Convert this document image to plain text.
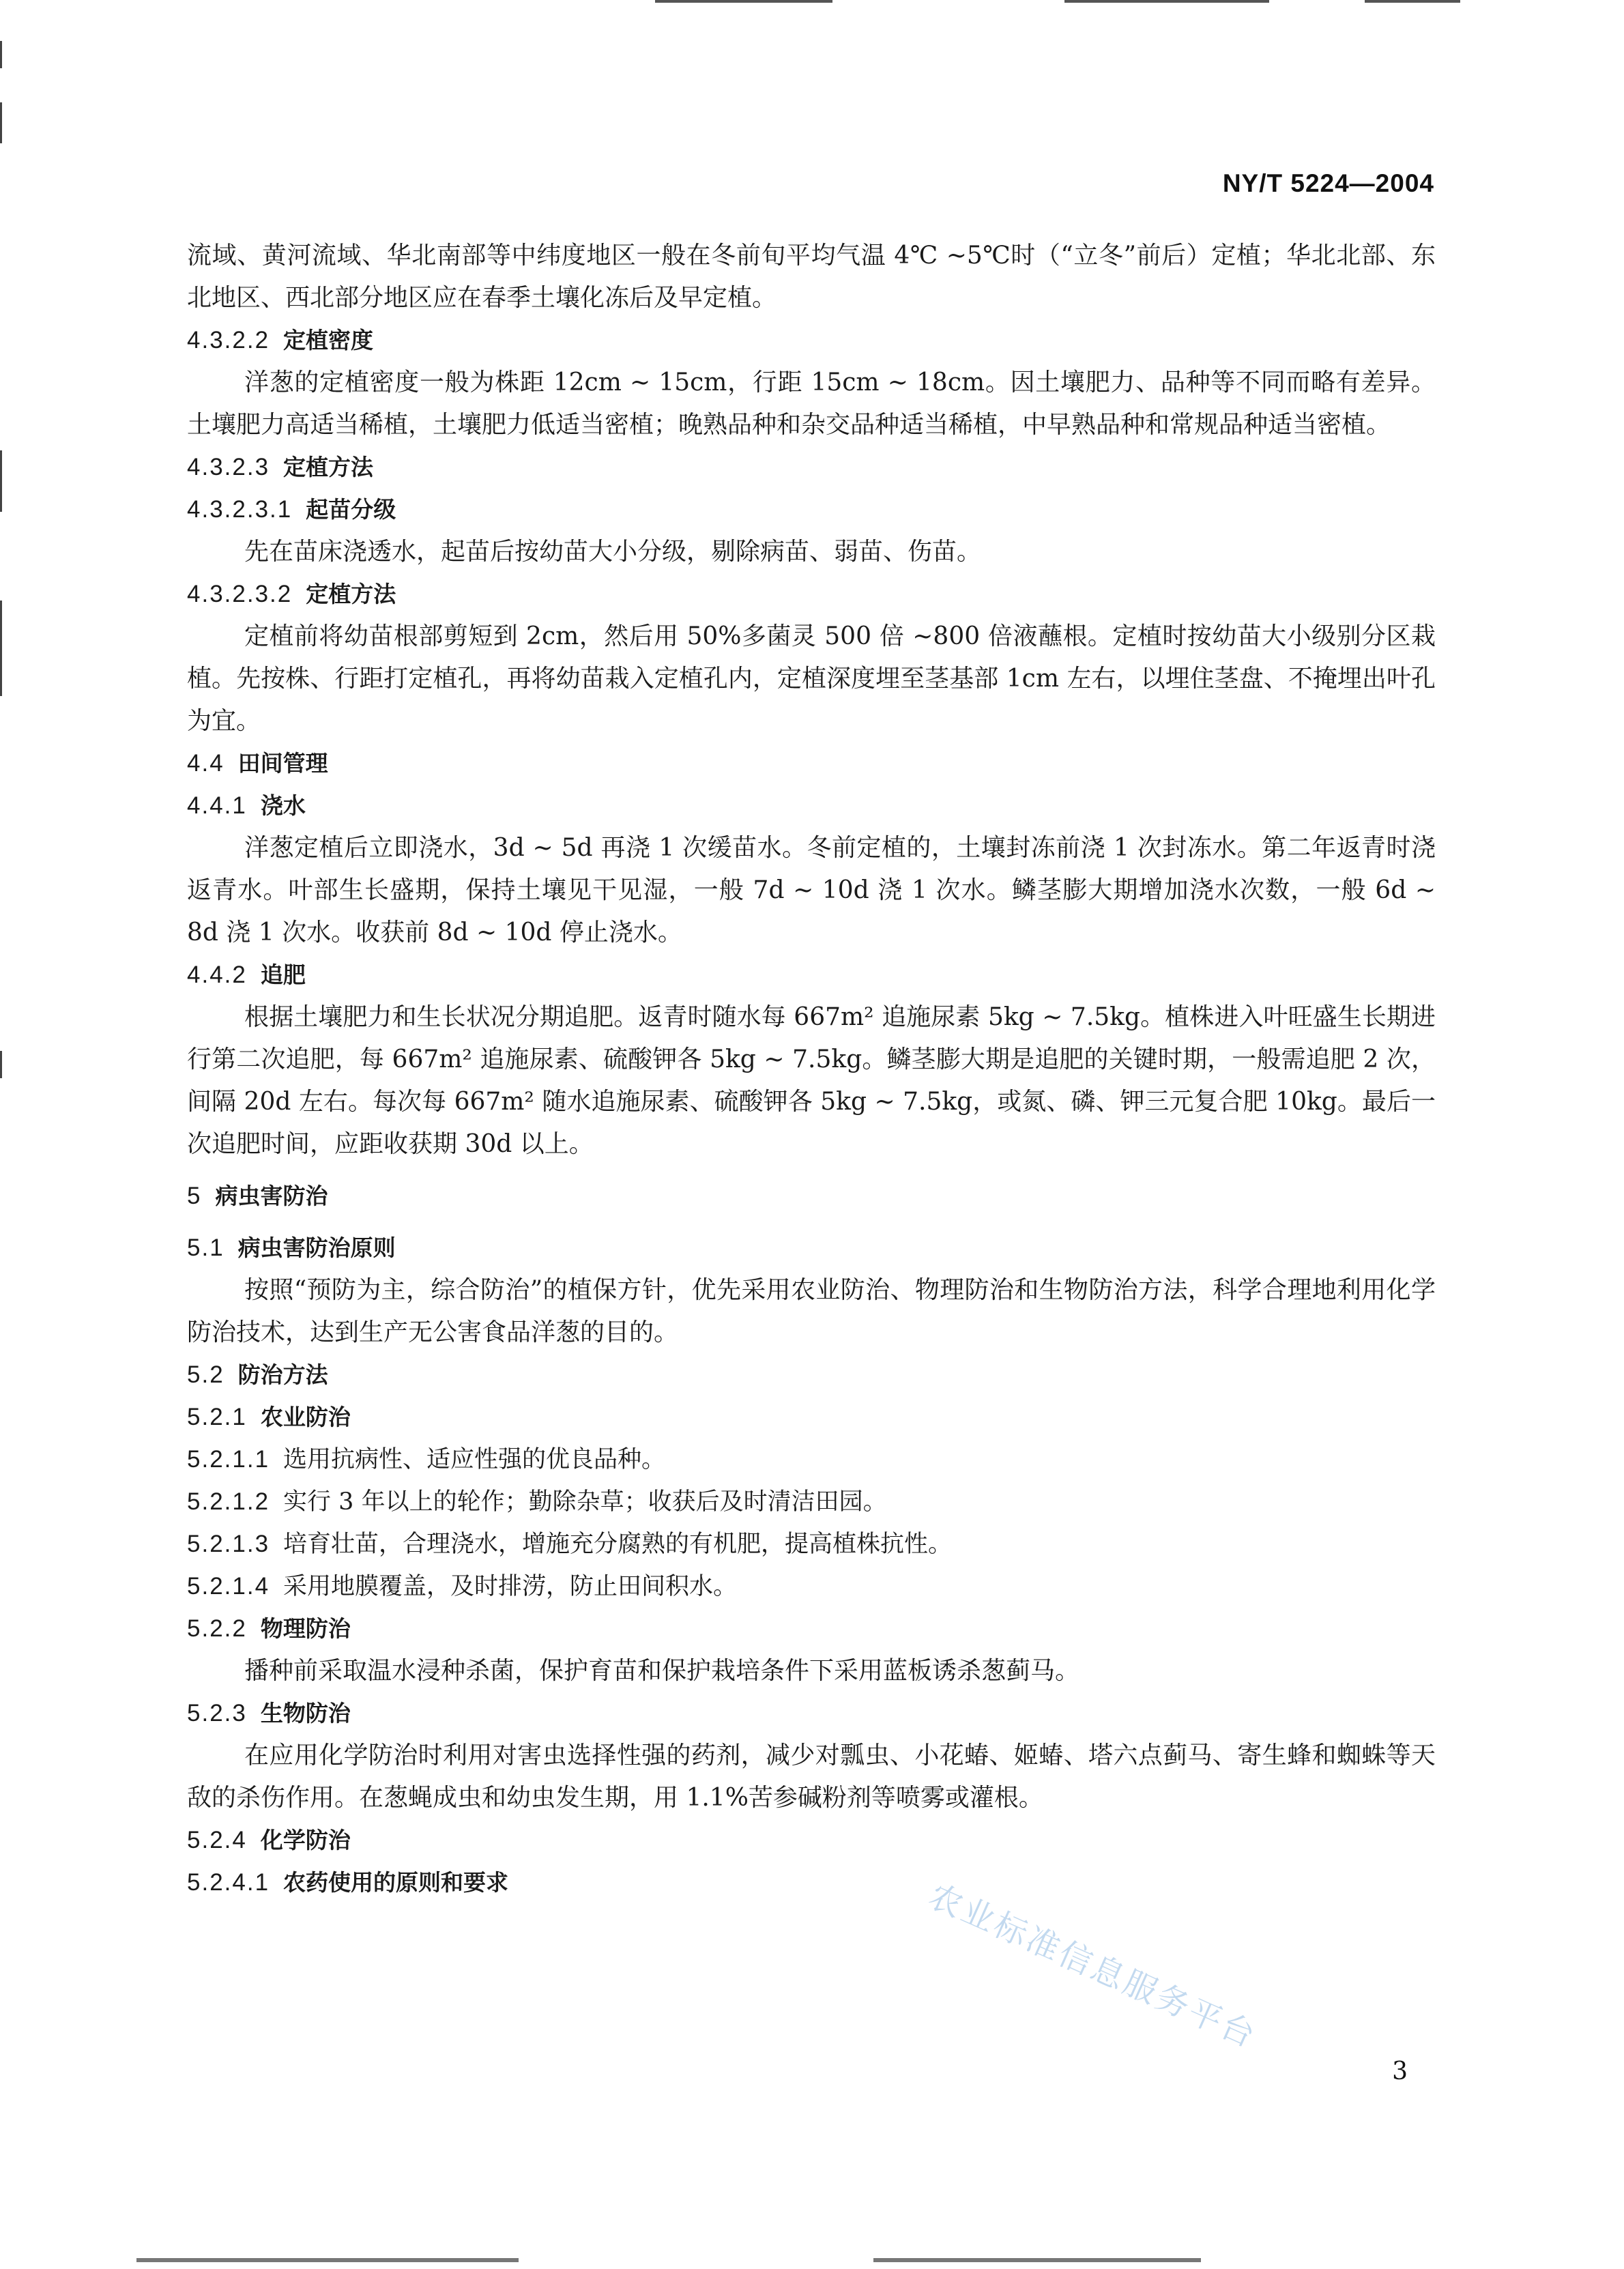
NY/T 5224—2004

流域、黄河流域、华北南部等中纬度地区一般在冬前旬平均气温 4℃ ~5℃时（“立冬”前后）定植；华北北部、东北地区、西北部分地区应在春季土壤化冻后及早定植。

4.3.2.2 定植密度

洋葱的定植密度一般为株距 12cm ~ 15cm，行距 15cm ~ 18cm。因土壤肥力、品种等不同而略有差异。土壤肥力高适当稀植，土壤肥力低适当密植；晚熟品种和杂交品种适当稀植，中早熟品种和常规品种适当密植。

4.3.2.3 定植方法
4.3.2.3.1 起苗分级

先在苗床浇透水，起苗后按幼苗大小分级，剔除病苗、弱苗、伤苗。

4.3.2.3.2 定植方法

定植前将幼苗根部剪短到 2cm，然后用 50%多菌灵 500 倍 ~800 倍液蘸根。定植时按幼苗大小级别分区栽植。先按株、行距打定植孔，再将幼苗栽入定植孔内，定植深度埋至茎基部 1cm 左右，以埋住茎盘、不掩埋出叶孔为宜。

4.4 田间管理
4.4.1 浇水

洋葱定植后立即浇水，3d ~ 5d 再浇 1 次缓苗水。冬前定植的，土壤封冻前浇 1 次封冻水。第二年返青时浇返青水。叶部生长盛期，保持土壤见干见湿，一般 7d ~ 10d 浇 1 次水。鳞茎膨大期增加浇水次数，一般 6d ~ 8d 浇 1 次水。收获前 8d ~ 10d 停止浇水。

4.4.2 追肥

根据土壤肥力和生长状况分期追肥。返青时随水每 667m² 追施尿素 5kg ~ 7.5kg。植株进入叶旺盛生长期进行第二次追肥，每 667m² 追施尿素、硫酸钾各 5kg ~ 7.5kg。鳞茎膨大期是追肥的关键时期，一般需追肥 2 次，间隔 20d 左右。每次每 667m² 随水追施尿素、硫酸钾各 5kg ~ 7.5kg，或氮、磷、钾三元复合肥 10kg。最后一次追肥时间，应距收获期 30d 以上。

5 病虫害防治
5.1 病虫害防治原则

按照“预防为主，综合防治”的植保方针，优先采用农业防治、物理防治和生物防治方法，科学合理地利用化学防治技术，达到生产无公害食品洋葱的目的。

5.2 防治方法
5.2.1 农业防治
5.2.1.1 选用抗病性、适应性强的优良品种。
5.2.1.2 实行 3 年以上的轮作；勤除杂草；收获后及时清洁田园。
5.2.1.3 培育壮苗，合理浇水，增施充分腐熟的有机肥，提高植株抗性。
5.2.1.4 采用地膜覆盖，及时排涝，防止田间积水。
5.2.2 物理防治

播种前采取温水浸种杀菌，保护育苗和保护栽培条件下采用蓝板诱杀葱蓟马。

5.2.3 生物防治

在应用化学防治时利用对害虫选择性强的药剂，减少对瓢虫、小花蝽、姬蝽、塔六点蓟马、寄生蜂和蜘蛛等天敌的杀伤作用。在葱蝇成虫和幼虫发生期，用 1.1%苦参碱粉剂等喷雾或灌根。

5.2.4 化学防治
5.2.4.1 农药使用的原则和要求	农业标准信息服务平台
3
